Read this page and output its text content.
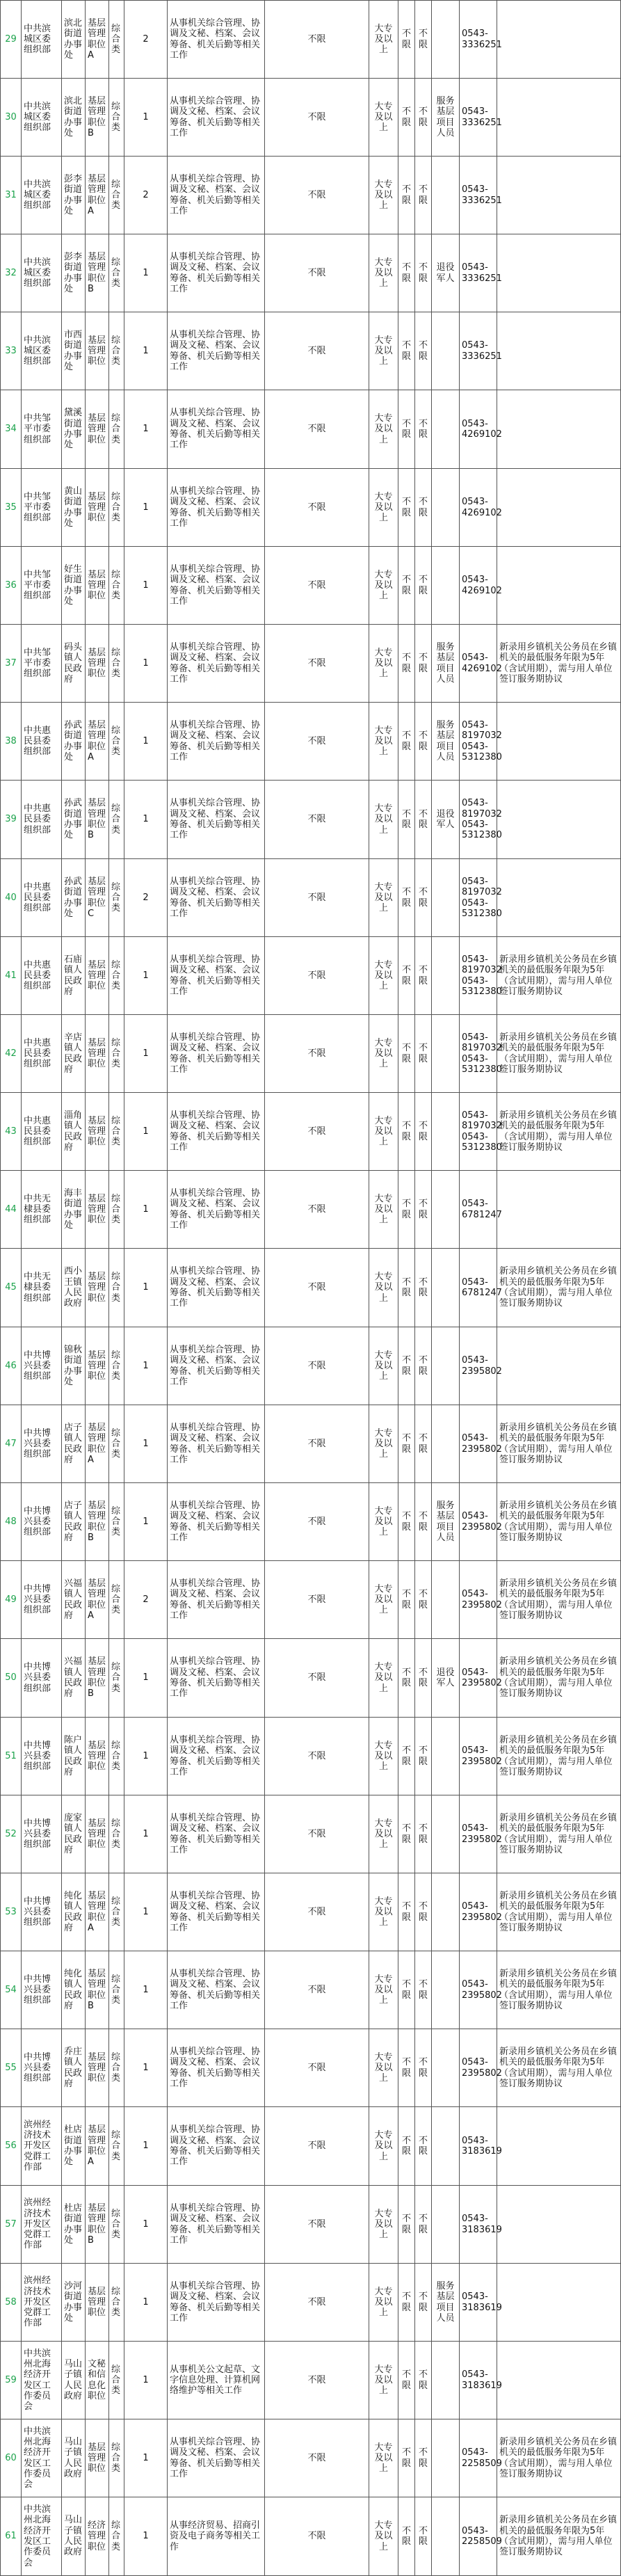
29	中共滨城区委组织部	滨北街道办事处	基层管理职位A	综合类	2	从事机关综合管理、协调及文秘、档案、会议筹备、机关后勤等相关工作	不限	大专及以上	不限	不限		0543-3336251	
30	中共滨城区委组织部	滨北街道办事处	基层管理职位B	综合类	1	从事机关综合管理、协调及文秘、档案、会议筹备、机关后勤等相关工作	不限	大专及以上	不限	不限	服务基层项目人员	0543-3336251	
31	中共滨城区委组织部	彭李街道办事处	基层管理职位A	综合类	2	从事机关综合管理、协调及文秘、档案、会议筹备、机关后勤等相关工作	不限	大专及以上	不限	不限		0543-3336251	
32	中共滨城区委组织部	彭李街道办事处	基层管理职位B	综合类	1	从事机关综合管理、协调及文秘、档案、会议筹备、机关后勤等相关工作	不限	大专及以上	不限	不限	退役军人	0543-3336251	
33	中共滨城区委组织部	市西街道办事处	基层管理职位	综合类	1	从事机关综合管理、协调及文秘、档案、会议筹备、机关后勤等相关工作	不限	大专及以上	不限	不限		0543-3336251	
34	中共邹平市委组织部	黛溪街道办事处	基层管理职位	综合类	1	从事机关综合管理、协调及文秘、档案、会议筹备、机关后勤等相关工作	不限	大专及以上	不限	不限		0543-4269102	
35	中共邹平市委组织部	黄山街道办事处	基层管理职位	综合类	1	从事机关综合管理、协调及文秘、档案、会议筹备、机关后勤等相关工作	不限	大专及以上	不限	不限		0543-4269102	
36	中共邹平市委组织部	好生街道办事处	基层管理职位	综合类	1	从事机关综合管理、协调及文秘、档案、会议筹备、机关后勤等相关工作	不限	大专及以上	不限	不限		0543-4269102	
37	中共邹平市委组织部	码头镇人民政府	基层管理职位	综合类	1	从事机关综合管理、协调及文秘、档案、会议筹备、机关后勤等相关工作	不限	大专及以上	不限	不限	服务基层项目人员	0543-4269102	新录用乡镇机关公务员在乡镇机关的最低服务年限为5年（含试用期），需与用人单位签订服务期协议
38	中共惠民县委组织部	孙武街道办事处	基层管理职位A	综合类	1	从事机关综合管理、协调及文秘、档案、会议筹备、机关后勤等相关工作	不限	大专及以上	不限	不限	服务基层项目人员	0543-8197032 0543-5312380	
39	中共惠民县委组织部	孙武街道办事处	基层管理职位B	综合类	1	从事机关综合管理、协调及文秘、档案、会议筹备、机关后勤等相关工作	不限	大专及以上	不限	不限	退役军人	0543-8197032 0543-5312380	
40	中共惠民县委组织部	孙武街道办事处	基层管理职位C	综合类	2	从事机关综合管理、协调及文秘、档案、会议筹备、机关后勤等相关工作	不限	大专及以上	不限	不限		0543-8197032 0543-5312380	
41	中共惠民县委组织部	石庙镇人民政府	基层管理职位	综合类	1	从事机关综合管理、协调及文秘、档案、会议筹备、机关后勤等相关工作	不限	大专及以上	不限	不限		0543-8197032 0543-5312380	新录用乡镇机关公务员在乡镇机关的最低服务年限为5年（含试用期），需与用人单位签订服务期协议
42	中共惠民县委组织部	辛店镇人民政府	基层管理职位	综合类	1	从事机关综合管理、协调及文秘、档案、会议筹备、机关后勤等相关工作	不限	大专及以上	不限	不限		0543-8197032 0543-5312380	新录用乡镇机关公务员在乡镇机关的最低服务年限为5年（含试用期），需与用人单位签订服务期协议
43	中共惠民县委组织部	淄角镇人民政府	基层管理职位	综合类	1	从事机关综合管理、协调及文秘、档案、会议筹备、机关后勤等相关工作	不限	大专及以上	不限	不限		0543-8197032 0543-5312380	新录用乡镇机关公务员在乡镇机关的最低服务年限为5年（含试用期），需与用人单位签订服务期协议
44	中共无棣县委组织部	海丰街道办事处	基层管理职位	综合类	1	从事机关综合管理、协调及文秘、档案、会议筹备、机关后勤等相关工作	不限	大专及以上	不限	不限		0543-6781247	
45	中共无棣县委组织部	西小王镇人民政府	基层管理职位	综合类	1	从事机关综合管理、协调及文秘、档案、会议筹备、机关后勤等相关工作	不限	大专及以上	不限	不限		0543-6781247	新录用乡镇机关公务员在乡镇机关的最低服务年限为5年（含试用期），需与用人单位签订服务期协议
46	中共博兴县委组织部	锦秋街道办事处	基层管理职位	综合类	1	从事机关综合管理、协调及文秘、档案、会议筹备、机关后勤等相关工作	不限	大专及以上	不限	不限		0543-2395802	
47	中共博兴县委组织部	店子镇人民政府	基层管理职位A	综合类	1	从事机关综合管理、协调及文秘、档案、会议筹备、机关后勤等相关工作	不限	大专及以上	不限	不限		0543-2395802	新录用乡镇机关公务员在乡镇机关的最低服务年限为5年（含试用期），需与用人单位签订服务期协议
48	中共博兴县委组织部	店子镇人民政府	基层管理职位B	综合类	1	从事机关综合管理、协调及文秘、档案、会议筹备、机关后勤等相关工作	不限	大专及以上	不限	不限	服务基层项目人员	0543-2395802	新录用乡镇机关公务员在乡镇机关的最低服务年限为5年（含试用期），需与用人单位签订服务期协议
49	中共博兴县委组织部	兴福镇人民政府	基层管理职位A	综合类	2	从事机关综合管理、协调及文秘、档案、会议筹备、机关后勤等相关工作	不限	大专及以上	不限	不限		0543-2395802	新录用乡镇机关公务员在乡镇机关的最低服务年限为5年（含试用期），需与用人单位签订服务期协议
50	中共博兴县委组织部	兴福镇人民政府	基层管理职位B	综合类	1	从事机关综合管理、协调及文秘、档案、会议筹备、机关后勤等相关工作	不限	大专及以上	不限	不限	退役军人	0543-2395802	新录用乡镇机关公务员在乡镇机关的最低服务年限为5年（含试用期），需与用人单位签订服务期协议
51	中共博兴县委组织部	陈户镇人民政府	基层管理职位	综合类	1	从事机关综合管理、协调及文秘、档案、会议筹备、机关后勤等相关工作	不限	大专及以上	不限	不限		0543-2395802	新录用乡镇机关公务员在乡镇机关的最低服务年限为5年（含试用期），需与用人单位签订服务期协议
52	中共博兴县委组织部	庞家镇人民政府	基层管理职位	综合类	1	从事机关综合管理、协调及文秘、档案、会议筹备、机关后勤等相关工作	不限	大专及以上	不限	不限		0543-2395802	新录用乡镇机关公务员在乡镇机关的最低服务年限为5年（含试用期），需与用人单位签订服务期协议
53	中共博兴县委组织部	纯化镇人民政府	基层管理职位A	综合类	1	从事机关综合管理、协调及文秘、档案、会议筹备、机关后勤等相关工作	不限	大专及以上	不限	不限		0543-2395802	新录用乡镇机关公务员在乡镇机关的最低服务年限为5年（含试用期），需与用人单位签订服务期协议
54	中共博兴县委组织部	纯化镇人民政府	基层管理职位B	综合类	1	从事机关综合管理、协调及文秘、档案、会议筹备、机关后勤等相关工作	不限	大专及以上	不限	不限		0543-2395802	新录用乡镇机关公务员在乡镇机关的最低服务年限为5年（含试用期），需与用人单位签订服务期协议
55	中共博兴县委组织部	乔庄镇人民政府	基层管理职位	综合类	1	从事机关综合管理、协调及文秘、档案、会议筹备、机关后勤等相关工作	不限	大专及以上	不限	不限		0543-2395802	新录用乡镇机关公务员在乡镇机关的最低服务年限为5年（含试用期），需与用人单位签订服务期协议
56	滨州经济技术开发区党群工作部	杜店街道办事处	基层管理职位A	综合类	1	从事机关综合管理、协调及文秘、档案、会议筹备、机关后勤等相关工作	不限	大专及以上	不限	不限		0543-3183619	
57	滨州经济技术开发区党群工作部	杜店街道办事处	基层管理职位B	综合类	1	从事机关综合管理、协调及文秘、档案、会议筹备、机关后勤等相关工作	不限	大专及以上	不限	不限		0543-3183619	
58	滨州经济技术开发区党群工作部	沙河街道办事处	基层管理职位	综合类	1	从事机关综合管理、协调及文秘、档案、会议筹备、机关后勤等相关工作	不限	大专及以上	不限	不限	服务基层项目人员	0543-3183619	
59	中共滨州北海经济开发区工作委员会	马山子镇人民政府	文秘和信息化职位	综合类	1	从事机关公文起草、文字信息处理、计算机网络维护等相关工作	不限	大专及以上	不限	不限		0543-3183619	
60	中共滨州北海经济开发区工作委员会	马山子镇人民政府	基层管理职位	综合类	1	从事机关综合管理、协调及文秘、档案、会议筹备、机关后勤等相关工作	不限	大专及以上	不限	不限		0543-2258509	新录用乡镇机关公务员在乡镇机关的最低服务年限为5年（含试用期），需与用人单位签订服务期协议
61	中共滨州北海经济开发区工作委员会	马山子镇人民政府	经济管理职位	综合类	1	从事经济贸易、招商引资及电子商务等相关工作	不限	大专及以上	不限	不限		0543-2258509	新录用乡镇机关公务员在乡镇机关的最低服务年限为5年（含试用期），需与用人单位签订服务期协议
